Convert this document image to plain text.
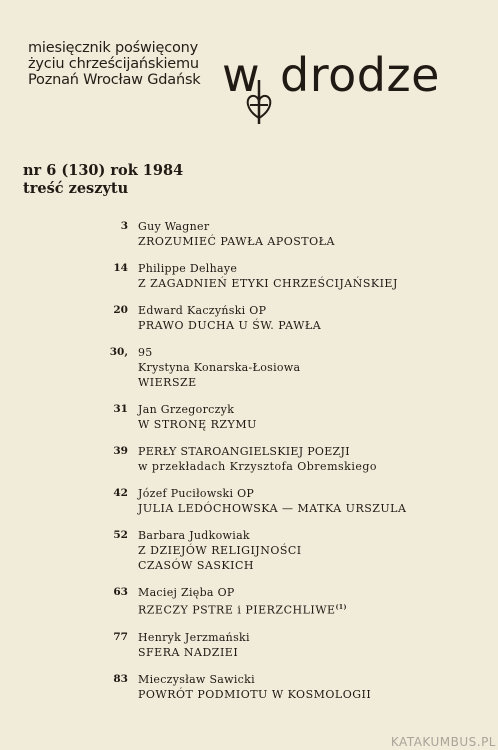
miesięcznik poświęcony
życiu chrześcijańskiemu
Poznań Wrocław Gdańsk w drodze
nr 6 (130) rok 1984
treść zeszytu
3 Guy Wagner
ZROZUMIEĆ PAWŁA APOSTOŁA
14 Philippe Delhaye
Z ZAGADNIEŃ ETYKI CHRZEŚCIJAŃSKIEJ
20 Edward Kaczyński OP
PRAWO DUCHA U ŚW. PAWŁA
30, 95
Krystyna Konarska-Łosiowa
WIERSZE
31 Jan Grzegorczyk
W STRONĘ RZYMU
39 PERŁY STAROANGIELSKIEJ POEZJI
w przekładach Krzysztofa Obremskiego
42 Józef Puciłowski OP
JULIA LEDÓCHOWSKA — MATKA URSZULA
52 Barbara Judkowiak
Z DZIEJÓW RELIGIJNOŚCI
CZASÓW SASKICH
63 Maciej Zięba OP
RZECZY PSTRE i PIERZCHLIWE$^{(1)}$
77 Henryk Jerzmański
SFERA NADZIEI
83 Mieczysław Sawicki
POWRÓT PODMIOTU W KOSMOLOGII
KATAKUMBUS.PL
